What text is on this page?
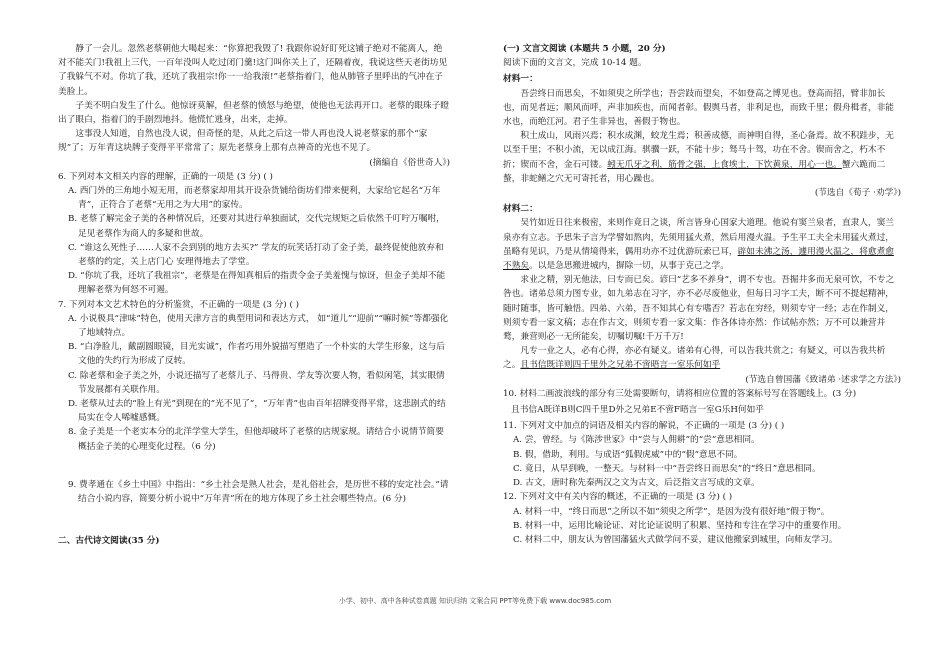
静了一会儿。忽然老蔡朝他大喝起来：“你算把我毁了! 我跟你说好盯死这铺子绝对不能离人，绝对不能关门!我祖上三代，一百年没叫人吃过闭门羹!这门叫你关上了，还隔着夜，我说这些天老街坊见了我躲气不对。你坑了我，还坑了我祖宗!你一一给我滚!”老蔡指着门，他从肺管子里呼出的气冲在子美脸上。

子美不明白发生了什么。他惊讶莫解，但老蔡的愤怒与绝望，使他也无法再开口。老蔡的眼珠子瞪出了眼白，指着门的手剧烈地抖。他慌忙逃身，出来，走掉。

这事没人知道，自然也没人说，但奇怪的是，从此之后这一带人再也没人说老蔡家的那个“家规”了；万年青这块牌子变得平平常常了；原先老蔡身上那有点神奇的光也不见了。

(摘编自《俗世奇人》)

6. 下列对本文相关内容的理解，正确的一项是 (3 分) ( )

A. 西门外的三角地小短无用，而老蔡家却用其开设杂货铺给街坊们带来便利，大家给它起名“万年青”，正符合了老蔡“无用之为大用”的家传。

B. 老蔡了解完金子美的各种情况后，还要对其进行单独面试，交代完规矩之后依然千叮咛万嘱咐，足见老蔡作为商人的多疑和世故。

C. “谁这么死性子……人家不会到别的地方去买?” 学友的玩笑话打动了金子美，最终促使他放弃和老蔡的约定，关上店门心 安理得地去了学堂。

D. “你坑了我，还坑了我祖宗”，老蔡是在得知真相后的指责令金子美羞愧与惊讶，但金子美却不能理解老蔡为何怒不可遏。

7. 下列对本文艺术特色的分析鉴赏，不正确的一项是 (3 分) ( )

A. 小说极具“津味”特色，使用天津方言的典型用词和表达方式， 如“道儿”“迎前”“嘛时候”等都强化了地域特点。

B. “白净脸儿，戴副圆眼镜，目光实诚”，作者巧用外貌描写塑造了一个朴实的大学生形象，这与后文他的失约行为形成了反转。

C. 除老蔡和金子美之外，小说还描写了老蔡儿子、马得贵、学友等次要人物，看似闲笔，其实眼情节发展都有关联作用。

D. 老蔡从过去的“脸上有光”到现在的“光不见了”，“万年青”也由百年招牌变得平常，这悲剧式的结局实在令人唏嘘感慨。

8. 金子美是一个老实本分的北洋学堂大学生，但他却破坏了老蔡的店规家规。请结合小说情节简要概括金子美的心理变化过程。（6 分)

9. 费孝通在《乡土中国》中指出：“乡土社会是熟人社会，是礼俗社会，是历世不移的安定社会。”请结合小说内容，简要分析小说中“万年青”所在的地方体现了乡土社会哪些特点。(6 分)

二、古代诗文阅读(35 分)

(一) 文言文阅读 (本题共 5 小题，20 分)

阅读下面的文言文，完成 10-14 题。

材料一：

吾尝终日而思矣，不如须臾之所学也；吾尝跂而望矣，不如登高之博见也。登高而招，臂非加长也，而见者远；顺风而呼，声非加疾也，而闻者彰。假舆马者，非利足也，而致千里；假舟楫者，非能水也，而绝江河。君子生非异也，善假于物也。

积土成山，风雨兴焉；积水成渊，蛟龙生焉；积善成德，而神明自得，圣心备焉。故不积跬步，无以至千里；不积小流，无以成江海。骐骥一跃，不能十步；驽马十驾，功在不舍。锲而舍之，朽木不折；锲而不舍，金石可镂。蚓无爪牙之利，筋骨之强，上食埃土，下饮黄泉，用心一也。蟹六跪而二螯，非蛇鳝之穴无可寄托者，用心躁也。

(节选自《荀子 ·劝学》)

材料二：

吴竹如近日往来极密，来则作竟日之谈，所言皆身心国家大道理。他说有窦兰泉者，直隶人，窦兰泉亦有立志。予思朱子言为学譬如熬肉，先须用猛火煮，然后用漫火温。予生平工夫全未用猛火煮过，虽略有见识，乃是从情境得来，偶用功亦不过优游玩索已耳，辟如未沸之汤，遽用漫火温之，将愈煮愈不熟矣。以是急思搬进城内，摒除一切，从事于克己之学。

求业之精，别无他法，曰专而已矣。谚曰“艺多不养身”，谓不专也。吾掘井多而无泉可饮，不专之咎也。诸弟总须力图专业，如九弟志在习字，亦不必尽废他业，但每日习字工夫，断不可不提起精神，随时随事，皆可触悟。四弟、六弟，吾不知其心有专嗜否？若志在穷经，则须专守一经；志在作制义，则须专看一家文稿；志在作古文，则须专看一家文集：作各体诗亦然：作试帖亦然；万不可以兼营并鹜，兼营则必一无所能矣，切嘱切嘱!千万千万!

凡专一业之人，必有心得，亦必有疑义。诸弟有心得，可以告我共赏之；有疑义，可以告我共析之。且书信既详则四千里外之兄弟不啻晤言一室乐何如乎

(节选自曾国藩《致诸弟 ·述求学之方法》)

10. 材料二画波浪线的部分有三处需要断句，请将相应位置的答案标号写在答题线上。(3 分)

且书信A既详B则C四千里D外之兄弟E不啻F晤言一室G乐H何如乎

11. 下列对文中加点的词语及相关内容的解说，不正确的一项是 (3 分) ( )

A. 尝，曾经。与《陈涉世家》中“尝与人佣耕”的“尝”意思相同。

B. 假，借助，利用。与成语“狐假虎威”中的“假”意思不同。

C. 竟日，从早到晚，一整天。与材料一中“吾尝终日而思矣”的“终日”意思相同。

D. 古文，唐时称先秦两汉之文为古文，后泛指文言写成的文章。

12. 下列对文中有关内容的概述，不正确的一项是 (3 分) ( )

A. 材料一中，“终日而思”之所以不如“须臾之所学”，是因为没有很好地“假于物”。

B. 材料一中，运用比喻论证、对比论证说明了积累、坚持和专注在学习中的重要作用。

C. 材料二中，朋友认为曾国藩猛火式做学问不妥，建议他搬家到城里，向师友学习。

小学、初中、高中各种试卷真题 知识归纳 文案合同 PPT等免费下载 www.doc985.com
